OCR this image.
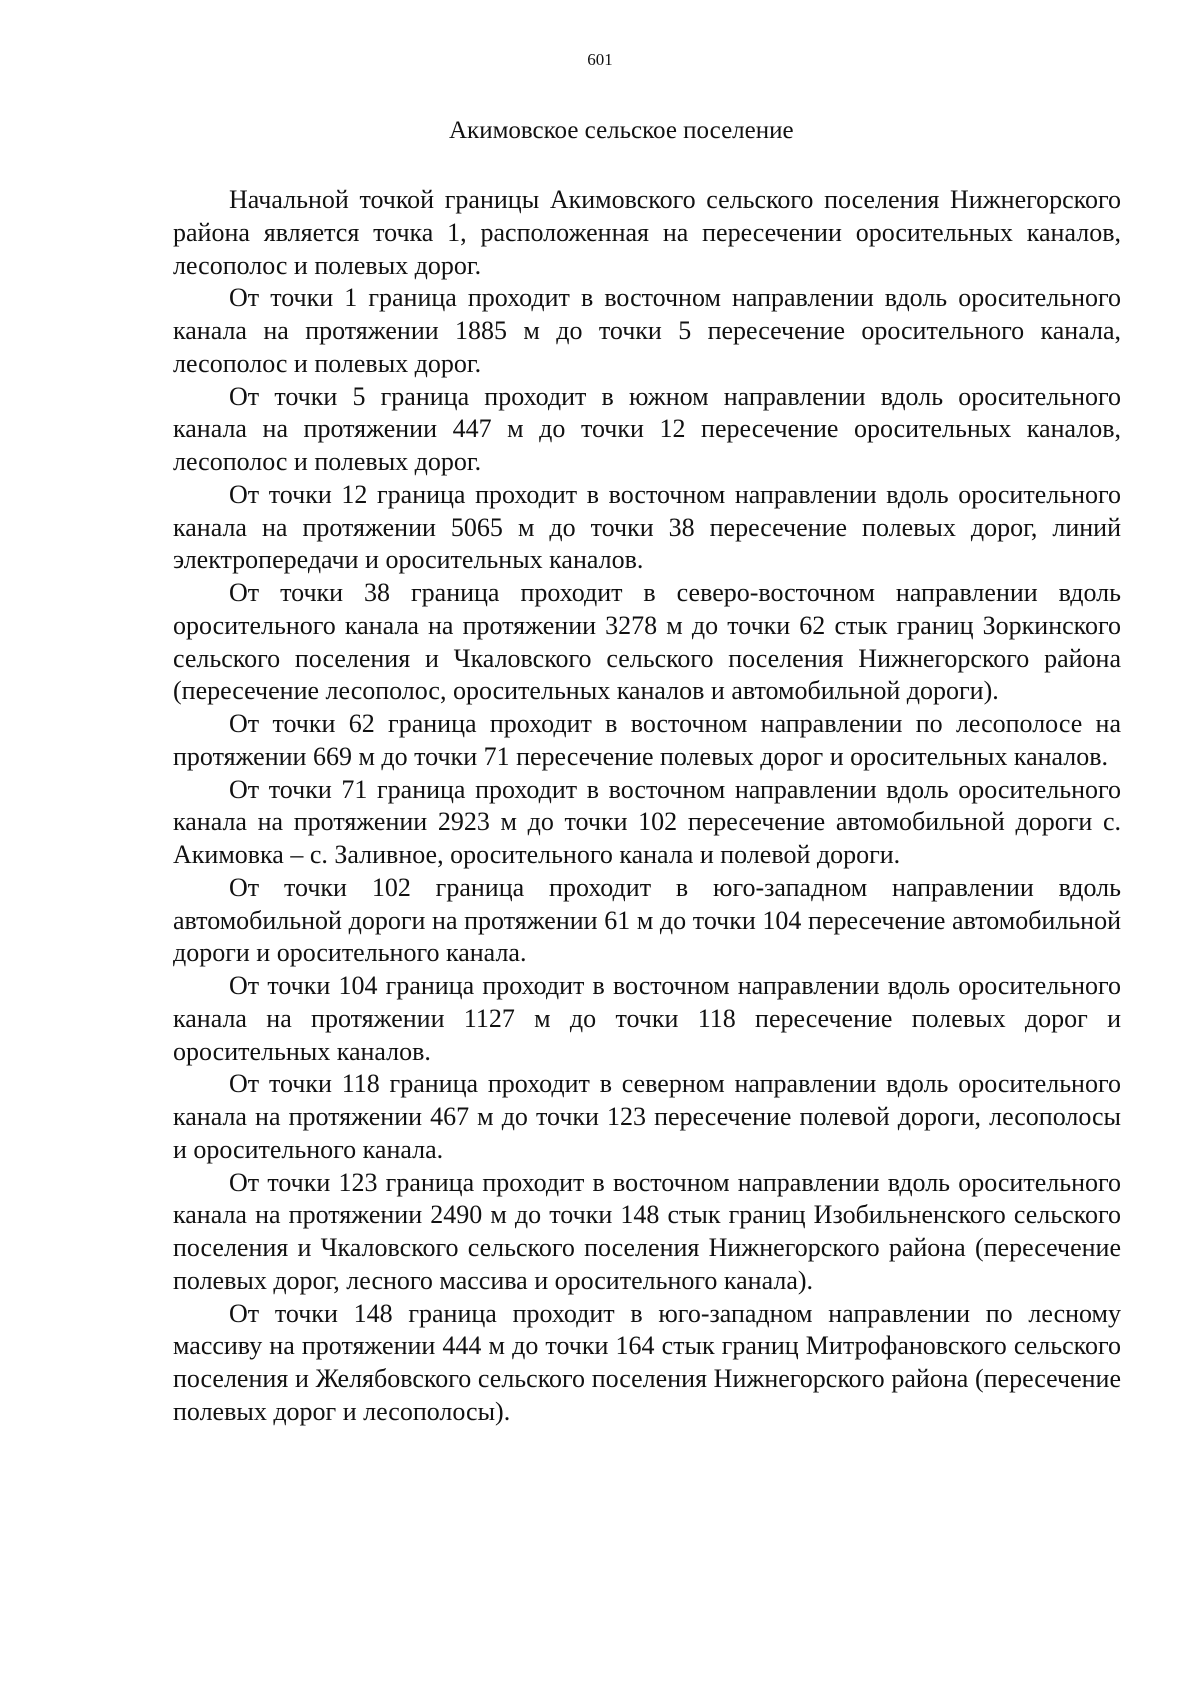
601
Акимовское сельское поселение

Начальной точкой границы Акимовского сельского поселения Нижнегорского района является точка 1, расположенная на пересечении оросительных каналов, лесополос и полевых дорог.

От точки 1 граница проходит в восточном направлении вдоль оросительного канала на протяжении 1885 м до точки 5 пересечение оросительного канала, лесополос и полевых дорог.

От точки 5 граница проходит в южном направлении вдоль оросительного канала на протяжении 447 м до точки 12 пересечение оросительных каналов, лесополос и полевых дорог.

От точки 12 граница проходит в восточном направлении вдоль оросительного канала на протяжении 5065 м до точки 38 пересечение полевых дорог, линий электропередачи и оросительных каналов.

От точки 38 граница проходит в северо-восточном направлении вдоль оросительного канала на протяжении 3278 м до точки 62 стык границ Зоркинского сельского поселения и Чкаловского сельского поселения Нижнегорского района (пересечение лесополос, оросительных каналов и автомобильной дороги).

От точки 62 граница проходит в восточном направлении по лесополосе на протяжении 669 м до точки 71 пересечение полевых дорог и оросительных каналов.

От точки 71 граница проходит в восточном направлении вдоль оросительного канала на протяжении 2923 м до точки 102 пересечение автомобильной дороги с. Акимовка – с. Заливное, оросительного канала и полевой дороги.

От точки 102 граница проходит в юго-западном направлении вдоль автомобильной дороги на протяжении 61 м до точки 104 пересечение автомобильной дороги и оросительного канала.

От точки 104 граница проходит в восточном направлении вдоль оросительного канала на протяжении 1127 м до точки 118 пересечение полевых дорог и оросительных каналов.

От точки 118 граница проходит в северном направлении вдоль оросительного канала на протяжении 467 м до точки 123 пересечение полевой дороги, лесополосы и оросительного канала.

От точки 123 граница проходит в восточном направлении вдоль оросительного канала на протяжении 2490 м до точки 148 стык границ Изобильненского сельского поселения и Чкаловского сельского поселения Нижнегорского района (пересечение полевых дорог, лесного массива и оросительного канала).

От точки 148 граница проходит в юго-западном направлении по лесному массиву на протяжении 444 м до точки 164 стык границ Митрофановского сельского поселения и Желябовского сельского поселения Нижнегорского района (пересечение полевых дорог и лесополосы).
